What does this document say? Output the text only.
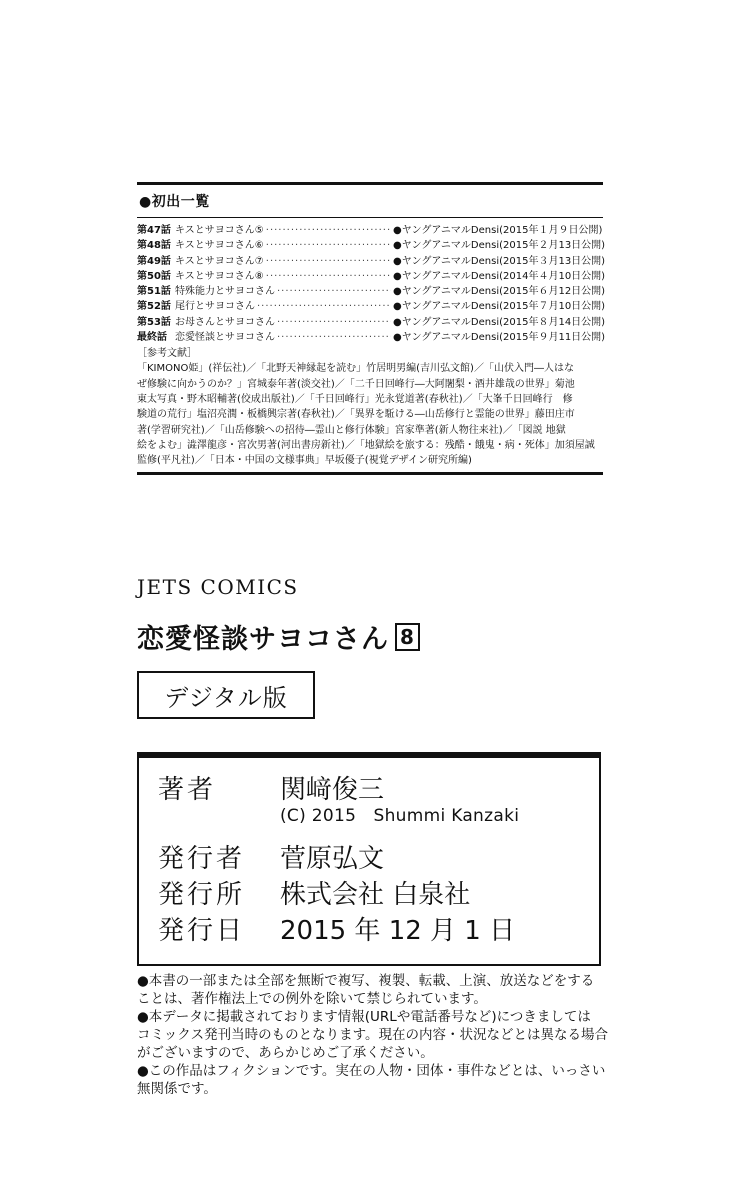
●初出一覧
第47話 キスとサヨコさん⑤ ·····	●ヤングアニマルDensi(2015年１月９日公開)
第48話 キスとサヨコさん⑥ ·····	●ヤングアニマルDensi(2015年２月13日公開)
第49話 キスとサヨコさん⑦ ·····	●ヤングアニマルDensi(2015年３月13日公開)
第50話 キスとサヨコさん⑧ ·····	●ヤングアニマルDensi(2014年４月10日公開)
第51話 特殊能力とサヨコさん ·····	●ヤングアニマルDensi(2015年６月12日公開)
第52話 尾行とサヨコさん ·····	●ヤングアニマルDensi(2015年７月10日公開)
第53話 お母さんとサヨコさん ·····	●ヤングアニマルDensi(2015年８月14日公開)
最終話 恋愛怪談とサヨコさん ·····	●ヤングアニマルDensi(2015年９月11日公開)
［参考文献］
「KIMONO姫」(祥伝社)／「北野天神縁起を読む」竹居明男編(吉川弘文館)／「山伏入門―人はな
ぜ修験に向かうのか？」宮城泰年著(淡交社)／「二千日回峰行―大阿闍梨・酒井雄哉の世界」菊池
東太写真・野木昭輔著(佼成出版社)／「千日回峰行」光永覚道著(春秋社)／「大峯千日回峰行　修
験道の荒行」塩沼亮潤・板橋興宗著(春秋社)／「異界を駈ける―山岳修行と霊能の世界」藤田庄市
著(学習研究社)／「山岳修験への招待―霊山と修行体験」宮家準著(新人物往来社)／「図説 地獄
絵をよむ」澁澤龍彦・宮次男著(河出書房新社)／「地獄絵を旅する：残酷・餓鬼・病・死体」加須屋誠
監修(平凡社)／「日本・中国の文様事典」早坂優子(視覚デザイン研究所編)
JETS COMICS
恋愛怪談サヨコさん 8
デジタル版
著者 関﨑俊三
(C) 2015　Shummi Kanzaki
発行者 菅原弘文
発行所 株式会社 白泉社
発行日 2015 年 12 月 1 日
●本書の一部または全部を無断で複写、複製、転載、上演、放送などをする
ことは、著作権法上での例外を除いて禁じられています。
●本データに掲載されております情報(URLや電話番号など)につきましては
コミックス発刊当時のものとなります。現在の内容・状況などとは異なる場合
がございますので、あらかじめご了承ください。
●この作品はフィクションです。実在の人物・団体・事件などとは、いっさい
無関係です。
